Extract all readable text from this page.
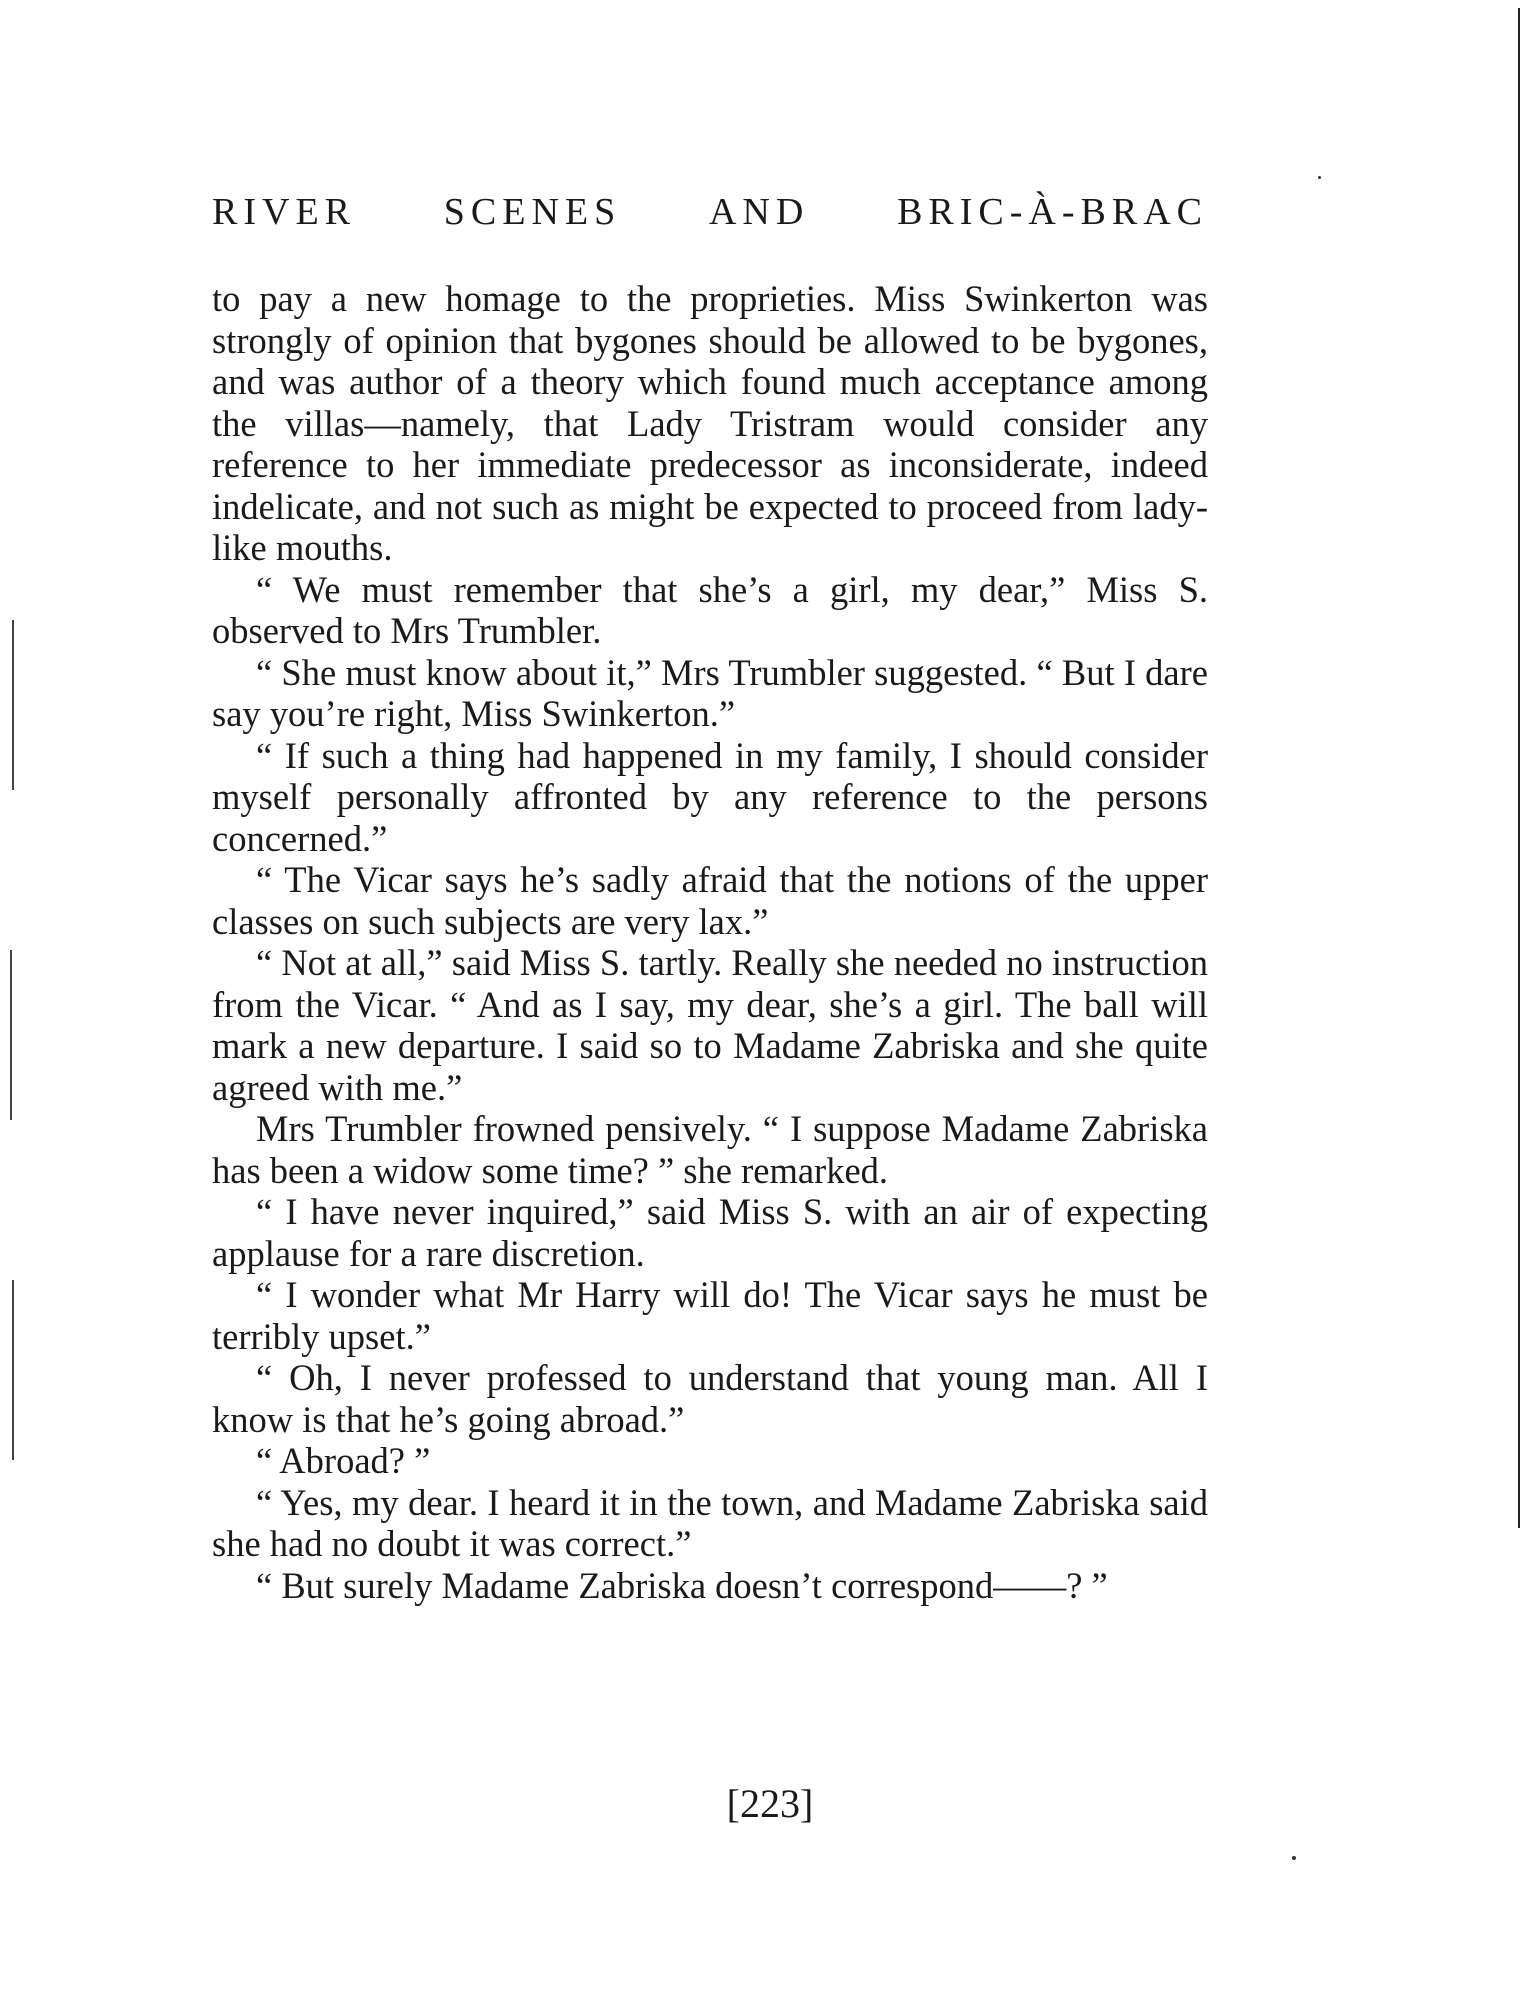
RIVER SCENES AND BRIC-À-BRAC

to pay a new homage to the proprieties. Miss Swinkerton was strongly of opinion that bygones should be allowed to be bygones, and was author of a theory which found much acceptance among the villas—namely, that Lady Tristram would consider any reference to her immediate predecessor as inconsiderate, indeed indelicate, and not such as might be expected to proceed from lady-like mouths.

“ We must remember that she’s a girl, my dear,” Miss S. observed to Mrs Trumbler.

“ She must know about it,” Mrs Trumbler suggested. “ But I dare say you’re right, Miss Swinkerton.”

“ If such a thing had happened in my family, I should consider myself personally affronted by any reference to the persons concerned.”

“ The Vicar says he’s sadly afraid that the notions of the upper classes on such subjects are very lax.”

“ Not at all,” said Miss S. tartly. Really she needed no instruction from the Vicar. “ And as I say, my dear, she’s a girl. The ball will mark a new departure. I said so to Madame Zabriska and she quite agreed with me.”

Mrs Trumbler frowned pensively. “ I suppose Madame Zabriska has been a widow some time? ” she remarked.

“ I have never inquired,” said Miss S. with an air of expecting applause for a rare discretion.

“ I wonder what Mr Harry will do! The Vicar says he must be terribly upset.”

“ Oh, I never professed to understand that young man. All I know is that he’s going abroad.”

“ Abroad? ”

“ Yes, my dear. I heard it in the town, and Madame Zabriska said she had no doubt it was correct.”

“ But surely Madame Zabriska doesn’t correspond——? ”

[223]
